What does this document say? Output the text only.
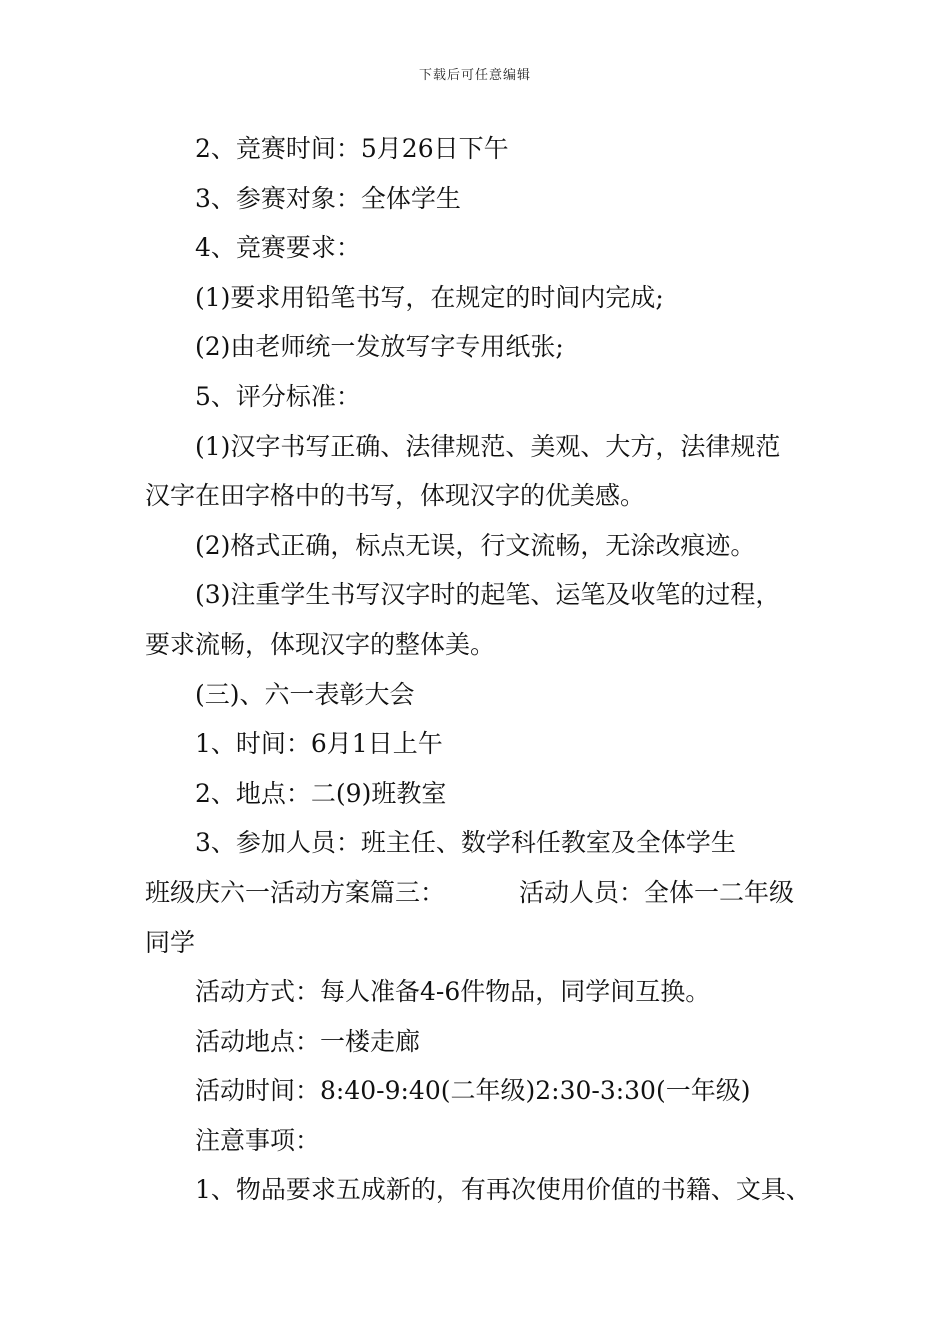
下载后可任意编辑
2、竞赛时间：5月26日下午
3、参赛对象：全体学生
4、竞赛要求：
(1)要求用铅笔书写，在规定的时间内完成;
(2)由老师统一发放写字专用纸张;
5、评分标准：
(1)汉字书写正确、法律规范、美观、大方，法律规范
汉字在田字格中的书写，体现汉字的优美感。
(2)格式正确，标点无误，行文流畅，无涂改痕迹。
(3)注重学生书写汉字时的起笔、运笔及收笔的过程，
要求流畅，体现汉字的整体美。
(三)、六一表彰大会
1、时间：6月1日上午
2、地点：二(9)班教室
3、参加人员：班主任、数学科任教室及全体学生
班级庆六一活动方案篇三：	活动人员：全体一二年级
同学
活动方式：每人准备4-6件物品，同学间互换。
活动地点：一楼走廊
活动时间：8:40-9:40(二年级)2:30-3:30(一年级)
注意事项：
1、物品要求五成新的，有再次使用价值的书籍、文具、
